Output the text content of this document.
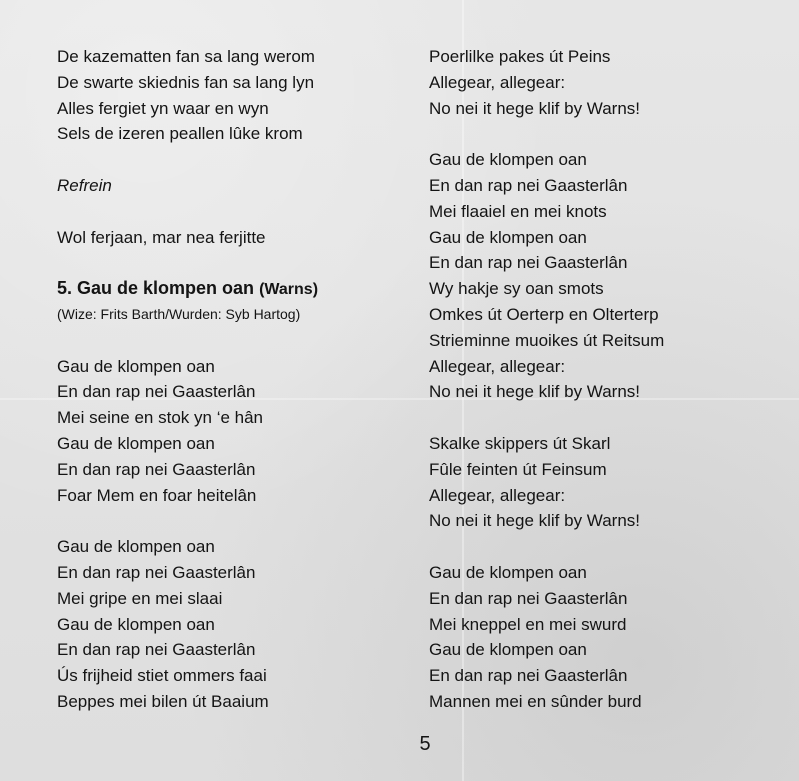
De kazematten fan sa lang werom
De swarte skiednis fan sa lang lyn
Alles fergiet yn waar en wyn
Sels de izeren peallen lûke krom
Refrein
Wol ferjaan, mar nea ferjitte
5. Gau de klompen oan (Warns)
(Wize: Frits Barth/Wurden: Syb Hartog)
Gau de klompen oan
En dan rap nei Gaasterlân
Mei seine en stok yn ‘e hân
Gau de klompen oan
En dan rap nei Gaasterlân
Foar Mem en foar heitelân
Gau de klompen oan
En dan rap nei Gaasterlân
Mei gripe en mei slaai
Gau de klompen oan
En dan rap nei Gaasterlân
Ús frijheid stiet ommers faai
Beppes mei bilen út Baaium
Poerlilke pakes út Peins
Allegear, allegear:
No nei it hege klif by Warns!
Gau de klompen oan
En dan rap nei Gaasterlân
Mei flaaiel en mei knots
Gau de klompen oan
En dan rap nei Gaasterlân
Wy hakje sy oan smots
Omkes út Oerterp en Olterterp
Strieminne muoikes út Reitsum
Allegear, allegear:
No nei it hege klif by Warns!
Skalke skippers út Skarl
Fûle feinten út Feinsum
Allegear, allegear:
No nei it hege klif by Warns!
Gau de klompen oan
En dan rap nei Gaasterlân
Mei kneppel en mei swurd
Gau de klompen oan
En dan rap nei Gaasterlân
Mannen mei en sûnder burd
5
